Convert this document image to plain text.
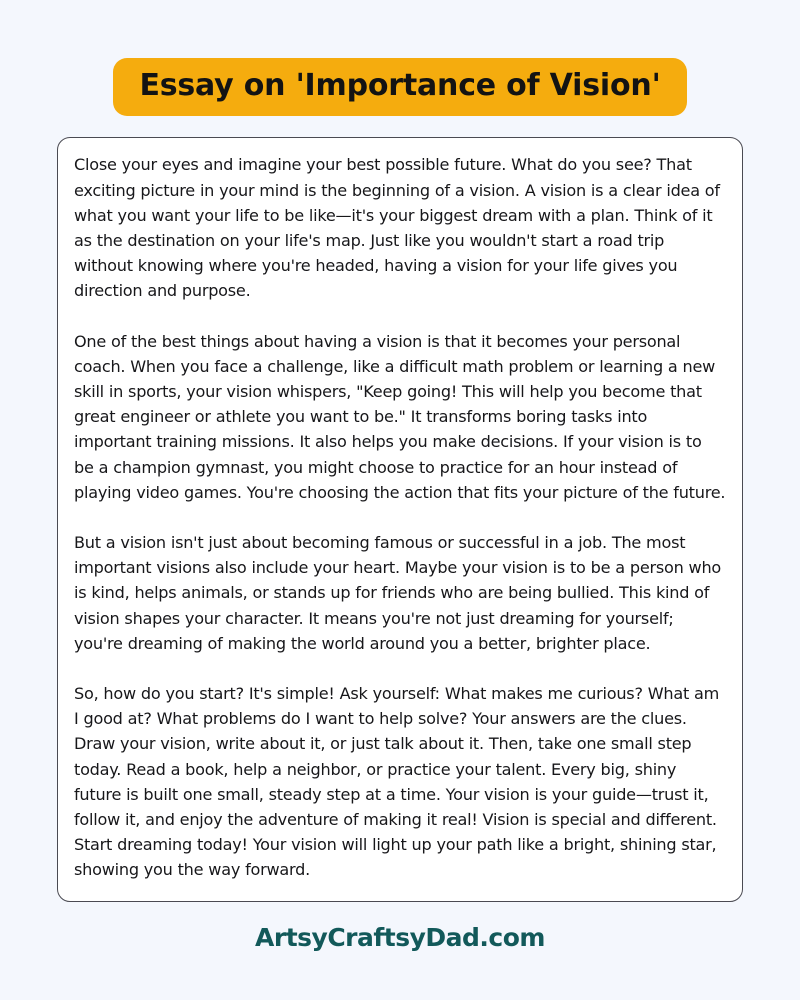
Essay on 'Importance of Vision'

Close your eyes and imagine your best possible future. What do you see? That exciting picture in your mind is the beginning of a vision. A vision is a clear idea of what you want your life to be like—it's your biggest dream with a plan. Think of it as the destination on your life's map. Just like you wouldn't start a road trip without knowing where you're headed, having a vision for your life gives you direction and purpose.

One of the best things about having a vision is that it becomes your personal coach. When you face a challenge, like a difficult math problem or learning a new skill in sports, your vision whispers, "Keep going! This will help you become that great engineer or athlete you want to be." It transforms boring tasks into important training missions. It also helps you make decisions. If your vision is to be a champion gymnast, you might choose to practice for an hour instead of playing video games. You're choosing the action that fits your picture of the future.

But a vision isn't just about becoming famous or successful in a job. The most important visions also include your heart. Maybe your vision is to be a person who is kind, helps animals, or stands up for friends who are being bullied. This kind of vision shapes your character. It means you're not just dreaming for yourself; you're dreaming of making the world around you a better, brighter place.

So, how do you start? It's simple! Ask yourself: What makes me curious? What am I good at? What problems do I want to help solve? Your answers are the clues. Draw your vision, write about it, or just talk about it. Then, take one small step today. Read a book, help a neighbor, or practice your talent. Every big, shiny future is built one small, steady step at a time. Your vision is your guide—trust it, follow it, and enjoy the adventure of making it real! Vision is special and different. Start dreaming today! Your vision will light up your path like a bright, shining star, showing you the way forward.

ArtsyCraftsyDad.com
